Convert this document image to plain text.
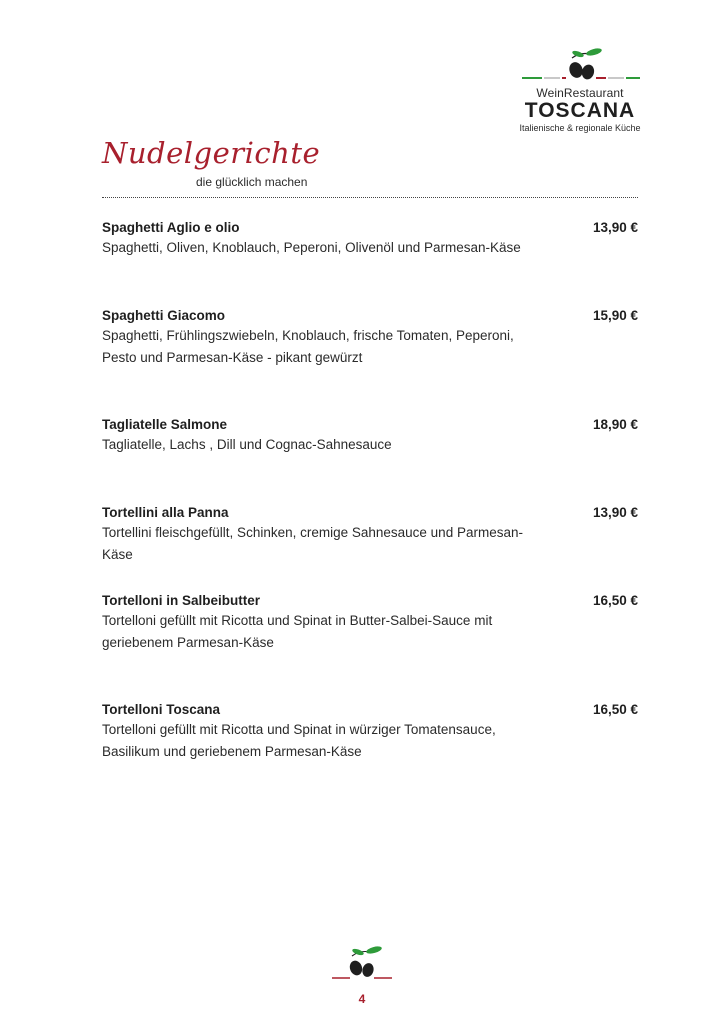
WeinRestaurant
TOSCANA
Italienische & regionale Küche
Nudelgerichte
die glücklich machen
Spaghetti Aglio e olio	13,90 €
Spaghetti, Oliven, Knoblauch, Peperoni, Olivenöl und Parmesan-Käse
Spaghetti Giacomo	15,90 €
Spaghetti, Frühlingszwiebeln, Knoblauch, frische Tomaten, Peperoni, Pesto und Parmesan-Käse - pikant gewürzt
Tagliatelle Salmone	18,90 €
Tagliatelle, Lachs , Dill und Cognac-Sahnesauce
Tortellini alla Panna	13,90 €
Tortellini fleischgefüllt, Schinken, cremige Sahnesauce und Parmesan-Käse
Tortelloni in Salbeibutter	16,50 €
Tortelloni gefüllt mit Ricotta und Spinat in Butter-Salbei-Sauce mit geriebenem Parmesan-Käse
Tortelloni Toscana	16,50 €
Tortelloni gefüllt mit Ricotta und Spinat in würziger Tomatensauce, Basilikum und geriebenem Parmesan-Käse
4
